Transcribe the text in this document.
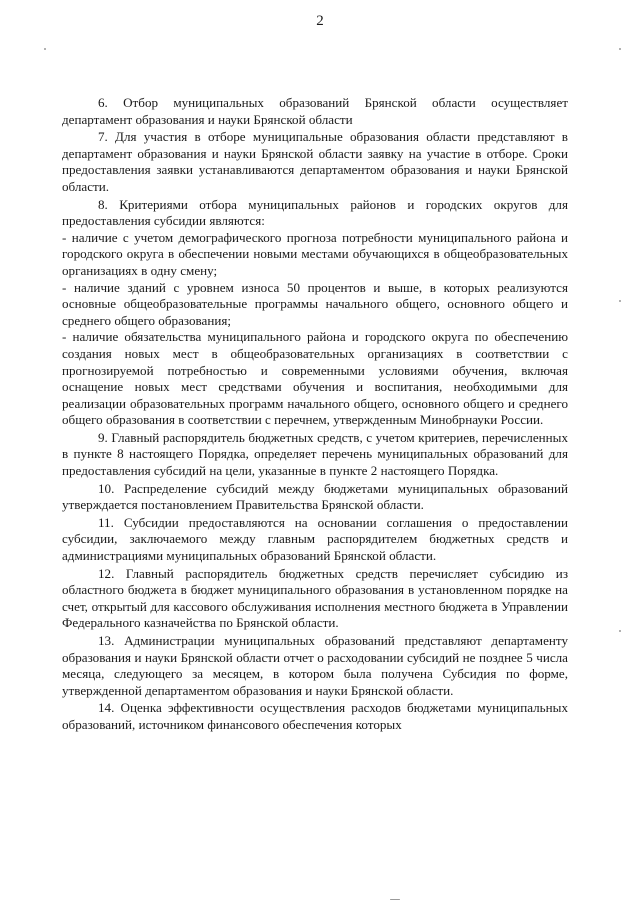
2

6. Отбор муниципальных образований Брянской области осуществляет департамент образования и науки Брянской области

7. Для участия в отборе муниципальные образования области представляют в департамент образования и науки Брянской области заявку на участие в отборе. Сроки предоставления заявки устанавливаются департаментом образования и науки Брянской области.

8. Критериями отбора муниципальных районов и городских округов для предоставления субсидии являются:

- наличие с учетом демографического прогноза потребности муниципального района и городского округа в обеспечении новыми местами обучающихся в общеобразовательных организациях в одну смену;

- наличие зданий с уровнем износа 50 процентов и выше, в которых реализуются основные общеобразовательные программы начального общего, основного общего и среднего общего образования;

- наличие обязательства муниципального района и городского округа по обеспечению создания новых мест в общеобразовательных организациях в соответствии с прогнозируемой потребностью и современными условиями обучения, включая оснащение новых мест средствами обучения и воспитания, необходимыми для реализации образовательных программ начального общего, основного общего и среднего общего образования в соответствии с перечнем, утвержденным Минобрнауки России.

9. Главный распорядитель бюджетных средств, с учетом критериев, перечисленных в пункте 8 настоящего Порядка, определяет перечень муниципальных образований для предоставления субсидий на цели, указанные в пункте 2 настоящего Порядка.

10. Распределение субсидий между бюджетами муниципальных образований утверждается постановлением Правительства Брянской области.

11. Субсидии предоставляются на основании соглашения о предоставлении субсидии, заключаемого между главным распорядителем бюджетных средств и администрациями муниципальных образований Брянской области.

12. Главный распорядитель бюджетных средств перечисляет субсидию из областного бюджета в бюджет муниципального образования в установленном порядке на счет, открытый для кассового обслуживания исполнения местного бюджета в Управлении Федерального казначейства по Брянской области.

13. Администрации муниципальных образований представляют департаменту образования и науки Брянской области отчет о расходовании субсидий не позднее 5 числа месяца, следующего за месяцем, в котором была получена Субсидия по форме, утвержденной департаментом образования и науки Брянской области.

14. Оценка эффективности осуществления расходов бюджетами муниципальных образований, источником финансового обеспечения которых
